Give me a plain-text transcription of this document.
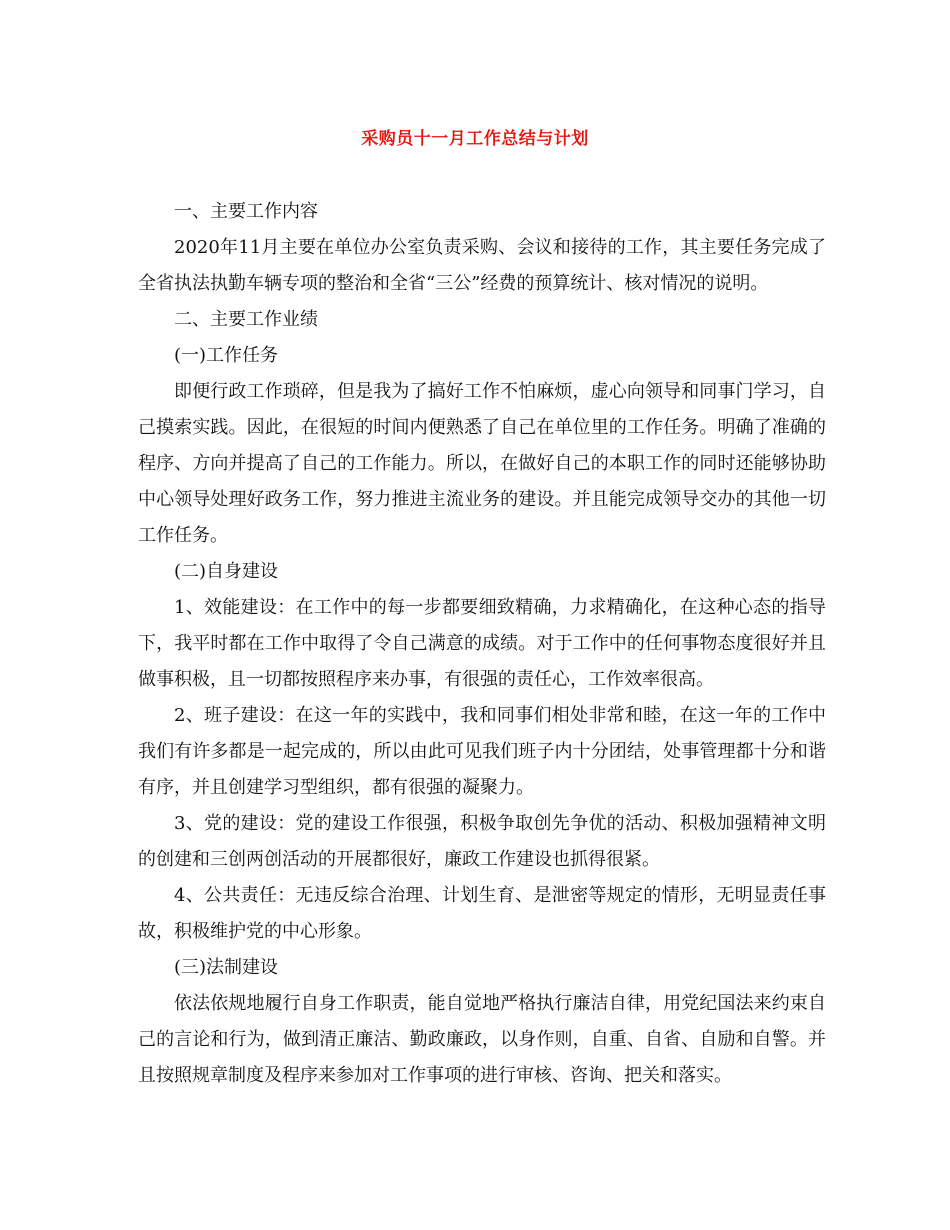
采购员十一月工作总结与计划

一、主要工作内容

2020年11月主要在单位办公室负责采购、会议和接待的工作，其主要任务完成了全省执法执勤车辆专项的整治和全省“三公”经费的预算统计、核对情况的说明。

二、主要工作业绩

(一)工作任务

即便行政工作琐碎，但是我为了搞好工作不怕麻烦，虚心向领导和同事门学习，自己摸索实践。因此，在很短的时间内便熟悉了自己在单位里的工作任务。明确了准确的程序、方向并提高了自己的工作能力。所以，在做好自己的本职工作的同时还能够协助中心领导处理好政务工作，努力推进主流业务的建设。并且能完成领导交办的其他一切工作任务。

(二)自身建设

1、效能建设：在工作中的每一步都要细致精确，力求精确化，在这种心态的指导下，我平时都在工作中取得了令自己满意的成绩。对于工作中的任何事物态度很好并且做事积极，且一切都按照程序来办事，有很强的责任心，工作效率很高。

2、班子建设：在这一年的实践中，我和同事们相处非常和睦，在这一年的工作中我们有许多都是一起完成的，所以由此可见我们班子内十分团结，处事管理都十分和谐有序，并且创建学习型组织，都有很强的凝聚力。

3、党的建设：党的建设工作很强，积极争取创先争优的活动、积极加强精神文明的创建和三创两创活动的开展都很好，廉政工作建设也抓得很紧。

4、公共责任：无违反综合治理、计划生育、是泄密等规定的情形，无明显责任事故，积极维护党的中心形象。

(三)法制建设

依法依规地履行自身工作职责，能自觉地严格执行廉洁自律，用党纪国法来约束自己的言论和行为，做到清正廉洁、勤政廉政，以身作则，自重、自省、自励和自警。并且按照规章制度及程序来参加对工作事项的进行审核、咨询、把关和落实。
